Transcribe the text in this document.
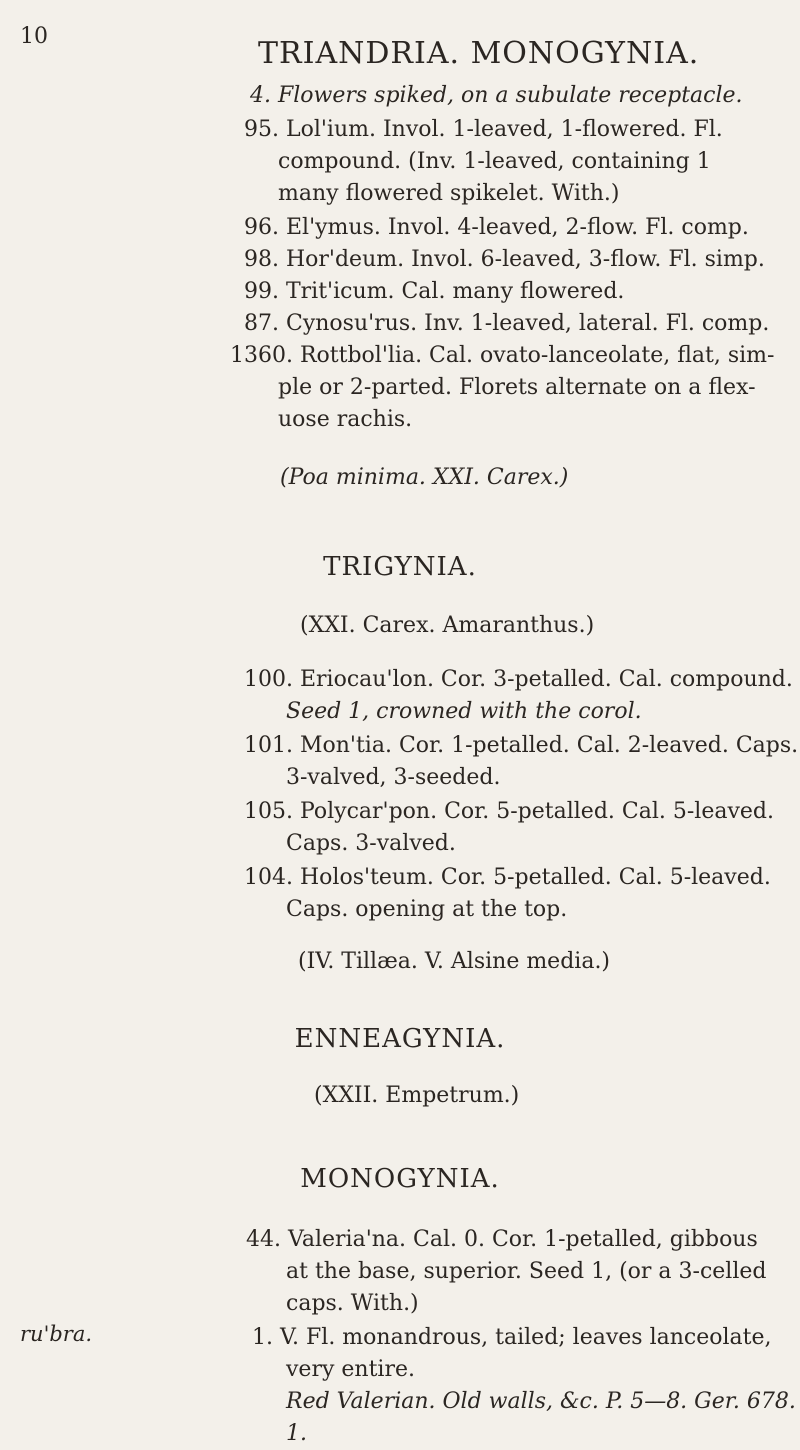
10	TRIANDRIA. MONOGYNIA.
4. Flowers spiked, on a subulate receptacle.
95. Lol'ium. Invol. 1-leaved, 1-flowered. Fl.
compound. (Inv. 1-leaved, containing 1
many flowered spikelet. With.)
96. El'ymus. Invol. 4-leaved, 2-flow. Fl. comp.
98. Hor'deum. Invol. 6-leaved, 3-flow. Fl. simp.
99. Trit'icum. Cal. many flowered.
87. Cynosu'rus. Inv. 1-leaved, lateral. Fl. comp.
1360. Rottbol'lia. Cal. ovato-lanceolate, flat, sim-
ple or 2-parted. Florets alternate on a flex-
uose rachis.
(Poa minima. XXI. Carex.)
TRIGYNIA.
(XXI. Carex. Amaranthus.)
100. Eriocau'lon. Cor. 3-petalled. Cal. compound.
Seed 1, crowned with the corol.
101. Mon'tia. Cor. 1-petalled. Cal. 2-leaved. Caps.
3-valved, 3-seeded.
105. Polycar'pon. Cor. 5-petalled. Cal. 5-leaved.
Caps. 3-valved.
104. Holos'teum. Cor. 5-petalled. Cal. 5-leaved.
Caps. opening at the top.
(IV. Tillæa. V. Alsine media.)
ENNEAGYNIA.
(XXII. Empetrum.)
MONOGYNIA.
44. Valeria'na. Cal. 0. Cor. 1-petalled, gibbous
at the base, superior. Seed 1, (or a 3-celled
caps. With.)
ru'bra.	1. V. Fl. monandrous, tailed; leaves lanceolate,
very entire.
Red Valerian. Old walls, &c. P. 5—8. Ger. 678. 1.
